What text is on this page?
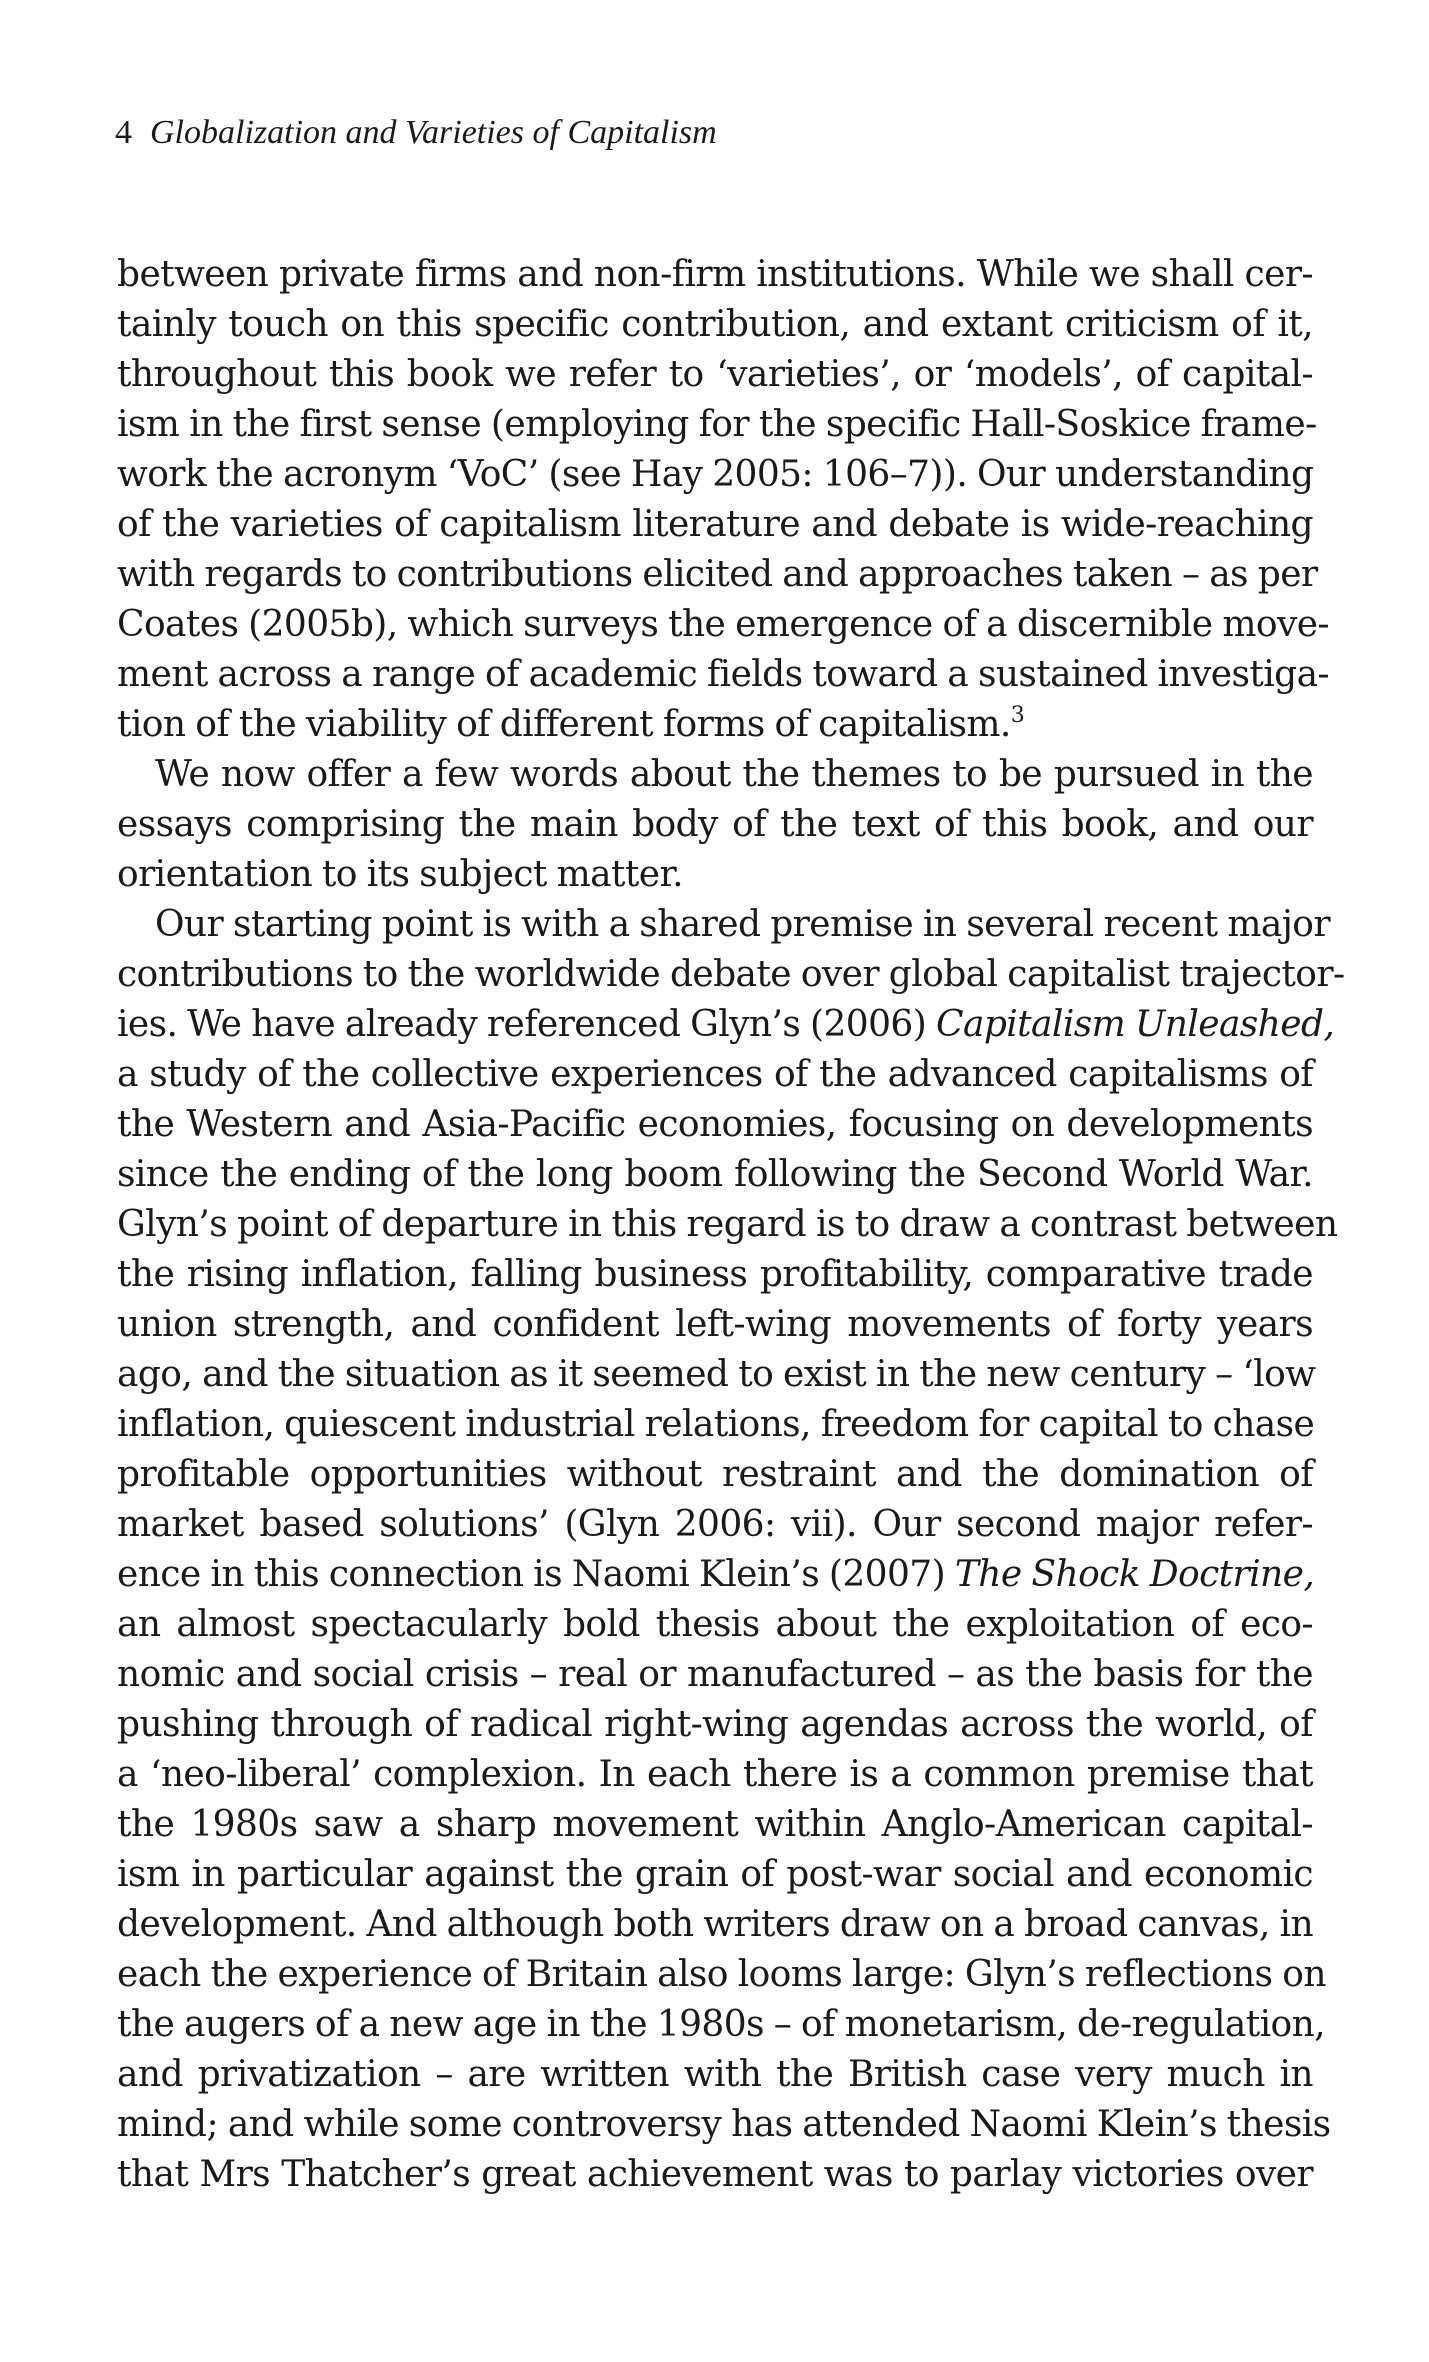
4 Globalization and Varieties of Capitalism
between private firms and non-firm institutions. While we shall cer-
tainly touch on this specific contribution, and extant criticism of it,
throughout this book we refer to ‘varieties’, or ‘models’, of capital-
ism in the first sense (employing for the specific Hall-Soskice frame-
work the acronym ‘VoC’ (see Hay 2005: 106–7)). Our understanding
of the varieties of capitalism literature and debate is wide-reaching
with regards to contributions elicited and approaches taken – as per
Coates (2005b), which surveys the emergence of a discernible move-
ment across a range of academic fields toward a sustained investiga-
tion of the viability of different forms of capitalism.$^3$
We now offer a few words about the themes to be pursued in the
essays comprising the main body of the text of this book, and our
orientation to its subject matter.
Our starting point is with a shared premise in several recent major
contributions to the worldwide debate over global capitalist trajector-
ies. We have already referenced Glyn’s (2006) Capitalism Unleashed,
a study of the collective experiences of the advanced capitalisms of
the Western and Asia-Pacific economies, focusing on developments
since the ending of the long boom following the Second World War.
Glyn’s point of departure in this regard is to draw a contrast between
the rising inflation, falling business profitability, comparative trade
union strength, and confident left-wing movements of forty years
ago, and the situation as it seemed to exist in the new century – ‘low
inflation, quiescent industrial relations, freedom for capital to chase
profitable opportunities without restraint and the domination of
market based solutions’ (Glyn 2006: vii). Our second major refer-
ence in this connection is Naomi Klein’s (2007) The Shock Doctrine,
an almost spectacularly bold thesis about the exploitation of eco-
nomic and social crisis – real or manufactured – as the basis for the
pushing through of radical right-wing agendas across the world, of
a ‘neo-liberal’ complexion. In each there is a common premise that
the 1980s saw a sharp movement within Anglo-American capital-
ism in particular against the grain of post-war social and economic
development. And although both writers draw on a broad canvas, in
each the experience of Britain also looms large: Glyn’s reflections on
the augers of a new age in the 1980s – of monetarism, de-regulation,
and privatization – are written with the British case very much in
mind; and while some controversy has attended Naomi Klein’s thesis
that Mrs Thatcher’s great achievement was to parlay victories over
